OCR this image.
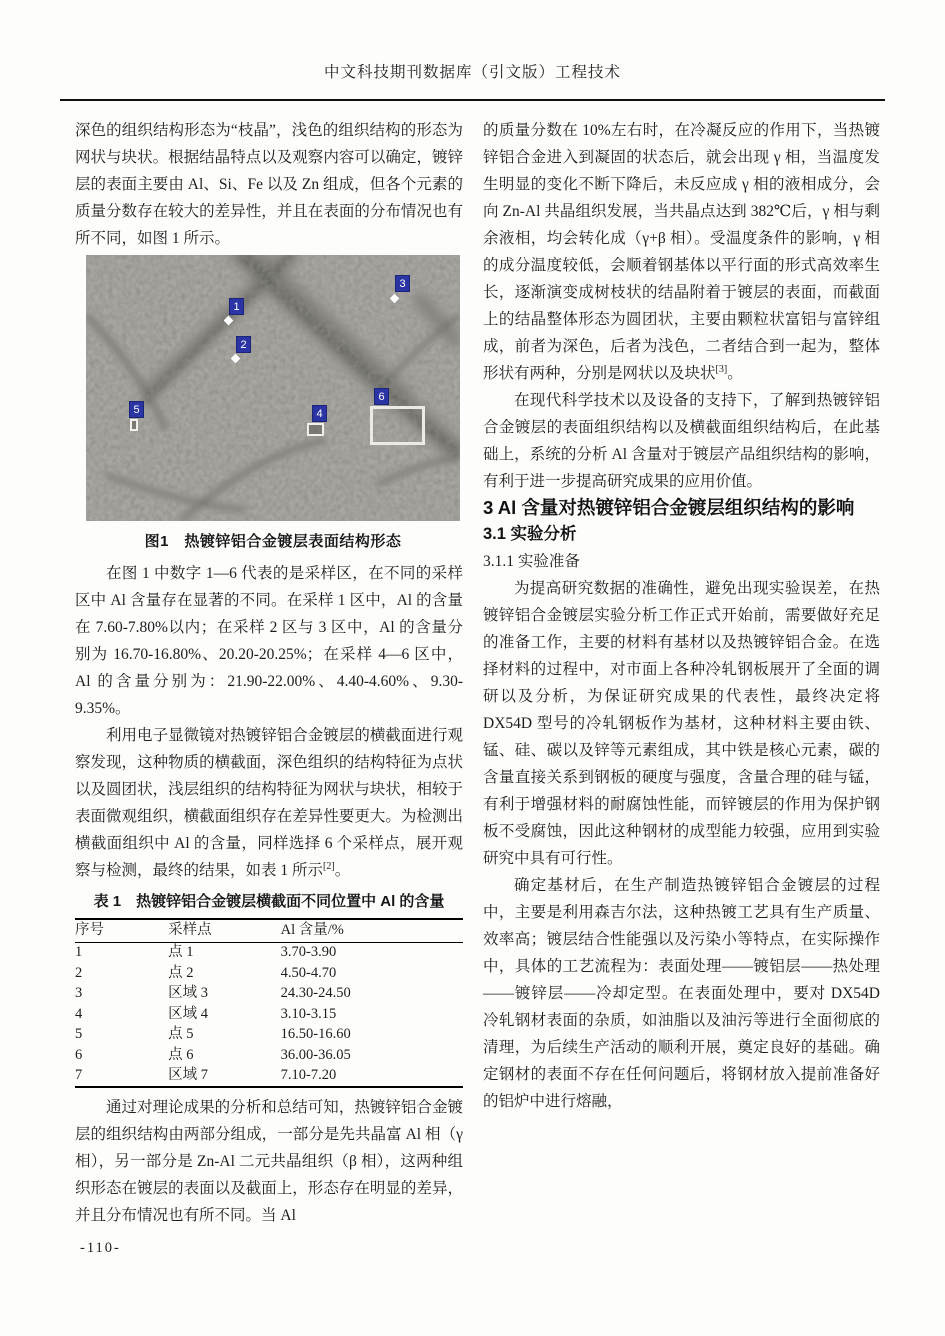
中文科技期刊数据库（引文版）工程技术

深色的组织结构形态为“枝晶”，浅色的组织结构的形态为网状与块状。根据结晶特点以及观察内容可以确定，镀锌层的表面主要由 Al、Si、Fe 以及 Zn 组成，但各个元素的质量分数存在较大的差异性，并且在表面的分布情况也有所不同，如图 1 所示。

1
2
3
4
5
6
图1　热镀锌铝合金镀层表面结构形态

在图 1 中数字 1—6 代表的是采样区，在不同的采样区中 Al 含量存在显著的不同。在采样 1 区中，Al 的含量在 7.60-7.80%以内；在采样 2 区与 3 区中，Al 的含量分别为 16.70-16.80%、20.20-20.25%；在采样 4—6 区中，Al 的含量分别为：21.90-22.00%、4.40-4.60%、9.30-9.35%。

利用电子显微镜对热镀锌铝合金镀层的横截面进行观察发现，这种物质的横截面，深色组织的结构特征为点状以及圆团状，浅层组织的结构特征为网状与块状，相较于表面微观组织，横截面组织存在差异性要更大。为检测出横截面组织中 Al 的含量，同样选择 6 个采样点，展开观察与检测，最终的结果，如表 1 所示[2]。

表 1　热镀锌铝合金镀层横截面不同位置中 Al 的含量
序号	采样点	Al 含量/%
1	点 1	3.70-3.90
2	点 2	4.50-4.70
3	区域 3	24.30-24.50
4	区域 4	3.10-3.15
5	点 5	16.50-16.60
6	点 6	36.00-36.05
7	区域 7	7.10-7.20

通过对理论成果的分析和总结可知，热镀锌铝合金镀层的组织结构由两部分组成，一部分是先共晶富 Al 相（γ 相），另一部分是 Zn-Al 二元共晶组织（β 相），这两种组织形态在镀层的表面以及截面上，形态存在明显的差异，并且分布情况也有所不同。当 Al

的质量分数在 10%左右时，在冷凝反应的作用下，当热镀锌铝合金进入到凝固的状态后，就会出现 γ 相，当温度发生明显的变化不断下降后，未反应成 γ 相的液相成分，会向 Zn-Al 共晶组织发展，当共晶点达到 382℃后，γ 相与剩余液相，均会转化成（γ+β 相）。受温度条件的影响，γ 相的成分温度较低，会顺着钢基体以平行面的形式高效率生长，逐渐演变成树枝状的结晶附着于镀层的表面，而截面上的结晶整体形态为圆团状，主要由颗粒状富铝与富锌组成，前者为深色，后者为浅色，二者结合到一起为，整体形状有两种，分别是网状以及块状[3]。

在现代科学技术以及设备的支持下，了解到热镀锌铝合金镀层的表面组织结构以及横截面组织结构后，在此基础上，系统的分析 Al 含量对于镀层产品组织结构的影响，有利于进一步提高研究成果的应用价值。

3 Al 含量对热镀锌铝合金镀层组织结构的影响

3.1 实验分析

3.1.1 实验准备

为提高研究数据的准确性，避免出现实验误差，在热镀锌铝合金镀层实验分析工作正式开始前，需要做好充足的准备工作，主要的材料有基材以及热镀锌铝合金。在选择材料的过程中，对市面上各种冷轧钢板展开了全面的调研以及分析，为保证研究成果的代表性，最终决定将 DX54D 型号的冷轧钢板作为基材，这种材料主要由铁、锰、硅、碳以及锌等元素组成，其中铁是核心元素，碳的含量直接关系到钢板的硬度与强度，含量合理的硅与锰，有利于增强材料的耐腐蚀性能，而锌镀层的作用为保护钢板不受腐蚀，因此这种钢材的成型能力较强，应用到实验研究中具有可行性。

确定基材后，在生产制造热镀锌铝合金镀层的过程中，主要是利用森吉尔法，这种热镀工艺具有生产质量、效率高；镀层结合性能强以及污染小等特点，在实际操作中，具体的工艺流程为：表面处理——镀铝层——热处理——镀锌层——冷却定型。在表面处理中，要对 DX54D 冷轧钢材表面的杂质，如油脂以及油污等进行全面彻底的清理，为后续生产活动的顺利开展，奠定良好的基础。确定钢材的表面不存在任何问题后，将钢材放入提前准备好的铝炉中进行熔融，

-110-
